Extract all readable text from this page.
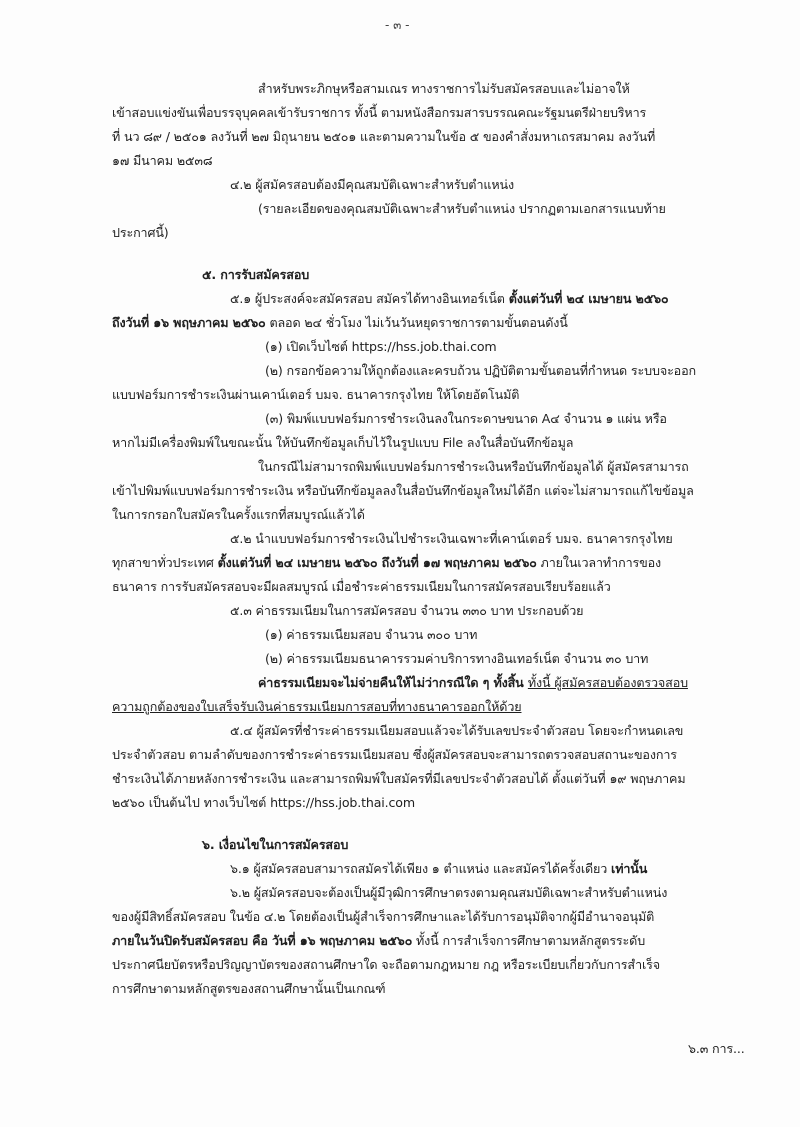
- ๓ -
สำหรับพระภิกษุหรือสามเณร ทางราชการไม่รับสมัครสอบและไม่อาจให้
เข้าสอบแข่งขันเพื่อบรรจุบุคคลเข้ารับราชการ ทั้งนี้ ตามหนังสือกรมสารบรรณคณะรัฐมนตรีฝ่ายบริหาร
ที่ นว ๘๙ / ๒๕๐๑ ลงวันที่ ๒๗ มิถุนายน ๒๕๐๑ และตามความในข้อ ๕ ของคำสั่งมหาเถรสมาคม ลงวันที่
๑๗ มีนาคม ๒๕๓๘
๔.๒ ผู้สมัครสอบต้องมีคุณสมบัติเฉพาะสำหรับตำแหน่ง
(รายละเอียดของคุณสมบัติเฉพาะสำหรับตำแหน่ง ปรากฏตามเอกสารแนบท้าย
ประกาศนี้)
๕. การรับสมัครสอบ
๕.๑ ผู้ประสงค์จะสมัครสอบ สมัครได้ทางอินเทอร์เน็ต ตั้งแต่วันที่ ๒๔ เมษายน ๒๕๖๐
ถึงวันที่ ๑๖ พฤษภาคม ๒๕๖๐ ตลอด ๒๔ ชั่วโมง ไม่เว้นวันหยุดราชการตามขั้นตอนดังนี้
(๑) เปิดเว็บไซต์ https://hss.job.thai.com
(๒) กรอกข้อความให้ถูกต้องและครบถ้วน ปฏิบัติตามขั้นตอนที่กำหนด ระบบจะออก
แบบฟอร์มการชำระเงินผ่านเคาน์เตอร์ บมจ. ธนาคารกรุงไทย ให้โดยอัตโนมัติ
(๓) พิมพ์แบบฟอร์มการชำระเงินลงในกระดาษขนาด A๔ จำนวน ๑ แผ่น หรือ
หากไม่มีเครื่องพิมพ์ในขณะนั้น ให้บันทึกข้อมูลเก็บไว้ในรูปแบบ File ลงในสื่อบันทึกข้อมูล
ในกรณีไม่สามารถพิมพ์แบบฟอร์มการชำระเงินหรือบันทึกข้อมูลได้ ผู้สมัครสามารถ
เข้าไปพิมพ์แบบฟอร์มการชำระเงิน หรือบันทึกข้อมูลลงในสื่อบันทึกข้อมูลใหม่ได้อีก แต่จะไม่สามารถแก้ไขข้อมูล
ในการกรอกใบสมัครในครั้งแรกที่สมบูรณ์แล้วได้
๕.๒ นำแบบฟอร์มการชำระเงินไปชำระเงินเฉพาะที่เคาน์เตอร์ บมจ. ธนาคารกรุงไทย
ทุกสาขาทั่วประเทศ ตั้งแต่วันที่ ๒๔ เมษายน ๒๕๖๐ ถึงวันที่ ๑๗ พฤษภาคม ๒๕๖๐ ภายในเวลาทำการของ
ธนาคาร การรับสมัครสอบจะมีผลสมบูรณ์ เมื่อชำระค่าธรรมเนียมในการสมัครสอบเรียบร้อยแล้ว
๕.๓ ค่าธรรมเนียมในการสมัครสอบ จำนวน ๓๓๐ บาท ประกอบด้วย
(๑) ค่าธรรมเนียมสอบ จำนวน ๓๐๐ บาท
(๒) ค่าธรรมเนียมธนาคารรวมค่าบริการทางอินเทอร์เน็ต จำนวน ๓๐ บาท
ค่าธรรมเนียมจะไม่จ่ายคืนให้ไม่ว่ากรณีใด ๆ ทั้งสิ้น ทั้งนี้ ผู้สมัครสอบต้องตรวจสอบ
ความถูกต้องของใบเสร็จรับเงินค่าธรรมเนียมการสอบที่ทางธนาคารออกให้ด้วย
๕.๔ ผู้สมัครที่ชำระค่าธรรมเนียมสอบแล้วจะได้รับเลขประจำตัวสอบ โดยจะกำหนดเลข
ประจำตัวสอบ ตามลำดับของการชำระค่าธรรมเนียมสอบ ซึ่งผู้สมัครสอบจะสามารถตรวจสอบสถานะของการ
ชำระเงินได้ภายหลังการชำระเงิน และสามารถพิมพ์ใบสมัครที่มีเลขประจำตัวสอบได้ ตั้งแต่วันที่ ๑๙ พฤษภาคม
๒๕๖๐ เป็นต้นไป ทางเว็บไซต์ https://hss.job.thai.com
๖. เงื่อนไขในการสมัครสอบ
๖.๑ ผู้สมัครสอบสามารถสมัครได้เพียง ๑ ตำแหน่ง และสมัครได้ครั้งเดียว เท่านั้น
๖.๒ ผู้สมัครสอบจะต้องเป็นผู้มีวุฒิการศึกษาตรงตามคุณสมบัติเฉพาะสำหรับตำแหน่ง
ของผู้มีสิทธิ์สมัครสอบ ในข้อ ๔.๒ โดยต้องเป็นผู้สำเร็จการศึกษาและได้รับการอนุมัติจากผู้มีอำนาจอนุมัติ
ภายในวันปิดรับสมัครสอบ คือ วันที่ ๑๖ พฤษภาคม ๒๕๖๐ ทั้งนี้ การสำเร็จการศึกษาตามหลักสูตรระดับ
ประกาศนียบัตรหรือปริญญาบัตรของสถานศึกษาใด จะถือตามกฎหมาย กฎ หรือระเบียบเกี่ยวกับการสำเร็จ
การศึกษาตามหลักสูตรของสถานศึกษานั้นเป็นเกณฑ์
๖.๓ การ...
